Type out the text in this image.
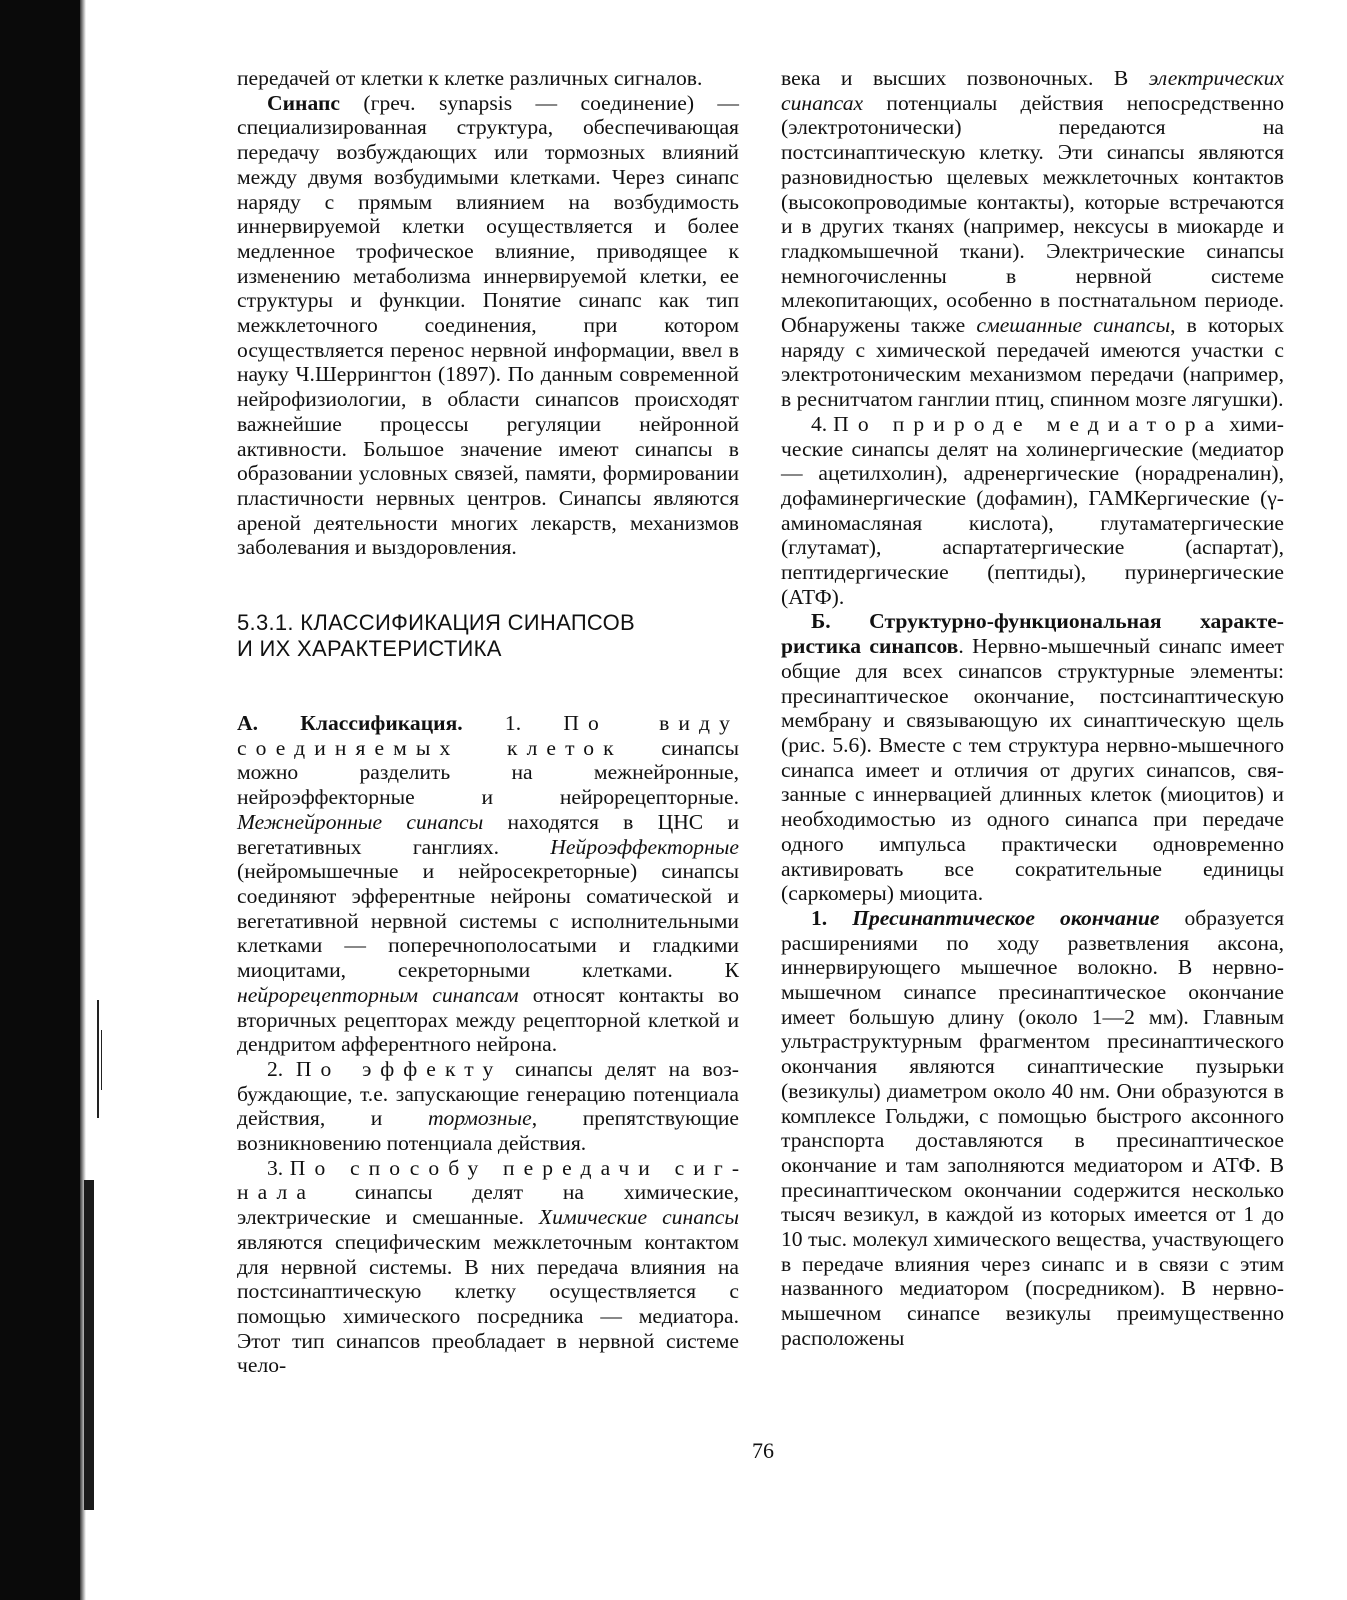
передачей от клетки к клетке различных сигналов.

Синапс (греч. synapsis — соединение) — специализированная структура, обеспечивающая передачу возбуждающих или тормозных влияний между двумя возбудимыми клетками. Через синапс наряду с прямым влиянием на возбудимость иннервируемой клетки осуществляется и более медленное трофическое влияние, приводящее к изменению метаболизма иннервируемой клетки, ее структуры и функции. Понятие синапс как тип межклеточного соединения, при котором осуществляется перенос нервной информации, ввел в науку Ч.Шеррингтон (1897). По данным современной нейрофизиологии, в области синапсов происходят важнейшие процессы регуляции нейронной активности. Большое значение имеют синапсы в образовании условных связей, памяти, формировании пластичности нервных центров. Синапсы являются ареной деятельности многих лекарств, механизмов заболевания и выздоровления.

5.3.1. КЛАССИФИКАЦИЯ СИНАПСОВ
И ИХ ХАРАКТЕРИСТИКА

А. Классификация. 1. По виду соединяемых клеток синапсы можно разделить на межнейронные, нейроэффекторные и нейрорецепторные. Межнейронные синапсы находятся в ЦНС и вегетативных ганглиях. Нейроэффекторные (нейромышечные и нейросекреторные) синапсы соединяют эфферентные нейроны соматической и вегетативной нервной системы с исполнительными клетками — поперечнополосатыми и гладкими миоцитами, секреторными клетками. К нейрорецепторным синапсам относят контакты во вторичных рецепторах между рецепторной клеткой и дендритом афферентного нейрона.

2. По эффекту синапсы делят на возбуждающие, т.е. запускающие генерацию потенциала действия, и тормозные, препятствующие возникновению потенциала действия.

3. По способу передачи сигнала синапсы делят на химические, электрические и смешанные. Химические синапсы являются специфическим межклеточным контактом для нервной системы. В них передача влияния на постсинаптическую клетку осуществляется с помощью химического посредника — медиатора. Этот тип синапсов преобладает в нервной системе чело-

века и высших позвоночных. В электрических синапсах потенциалы действия непосредственно (электротонически) передаются на постсинаптическую клетку. Эти синапсы являются разновидностью щелевых межклеточных контактов (высокопроводимые контакты), которые встречаются и в других тканях (например, нексусы в миокарде и гладкомышечной ткани). Электрические синапсы немногочисленны в нервной системе млекопитающих, особенно в постнатальном периоде. Обнаружены также смешанные синапсы, в которых наряду с химической передачей имеются участки с электротоническим механизмом передачи (например, в реснитчатом ганглии птиц, спинном мозге лягушки).

4. По природе медиатора химические синапсы делят на холинергические (медиатор — ацетилхолин), адренергические (норадреналин), дофаминергические (дофамин), ГАМКергические (γ-аминомасляная кислота), глутаматергические (глутамат), аспартатергические (аспартат), пептидергические (пептиды), пуринергические (АТФ).

Б. Структурно-функциональная характеристика синапсов. Нервно-мышечный синапс имеет общие для всех синапсов структурные элементы: пресинаптическое окончание, постсинаптическую мембрану и связывающую их синаптическую щель (рис. 5.6). Вместе с тем структура нервно-мышечного синапса имеет и отличия от других синапсов, связанные с иннервацией длинных клеток (миоцитов) и необходимостью из одного синапса при передаче одного импульса практически одновременно активировать все сократительные единицы (саркомеры) миоцита.

1. Пресинаптическое окончание образуется расширениями по ходу разветвления аксона, иннервирующего мышечное волокно. В нервно-мышечном синапсе пресинаптическое окончание имеет большую длину (около 1—2 мм). Главным ультраструктурным фрагментом пресинаптического окончания являются синаптические пузырьки (везикулы) диаметром около 40 нм. Они образуются в комплексе Гольджи, с помощью быстрого аксонного транспорта доставляются в пресинаптическое окончание и там заполняются медиатором и АТФ. В пресинаптическом окончании содержится несколько тысяч везикул, в каждой из которых имеется от 1 до 10 тыс. молекул химического вещества, участвующего в передаче влияния через синапс и в связи с этим названного медиатором (посредником). В нервно-мышечном синапсе везикулы преимущественно расположены

76
